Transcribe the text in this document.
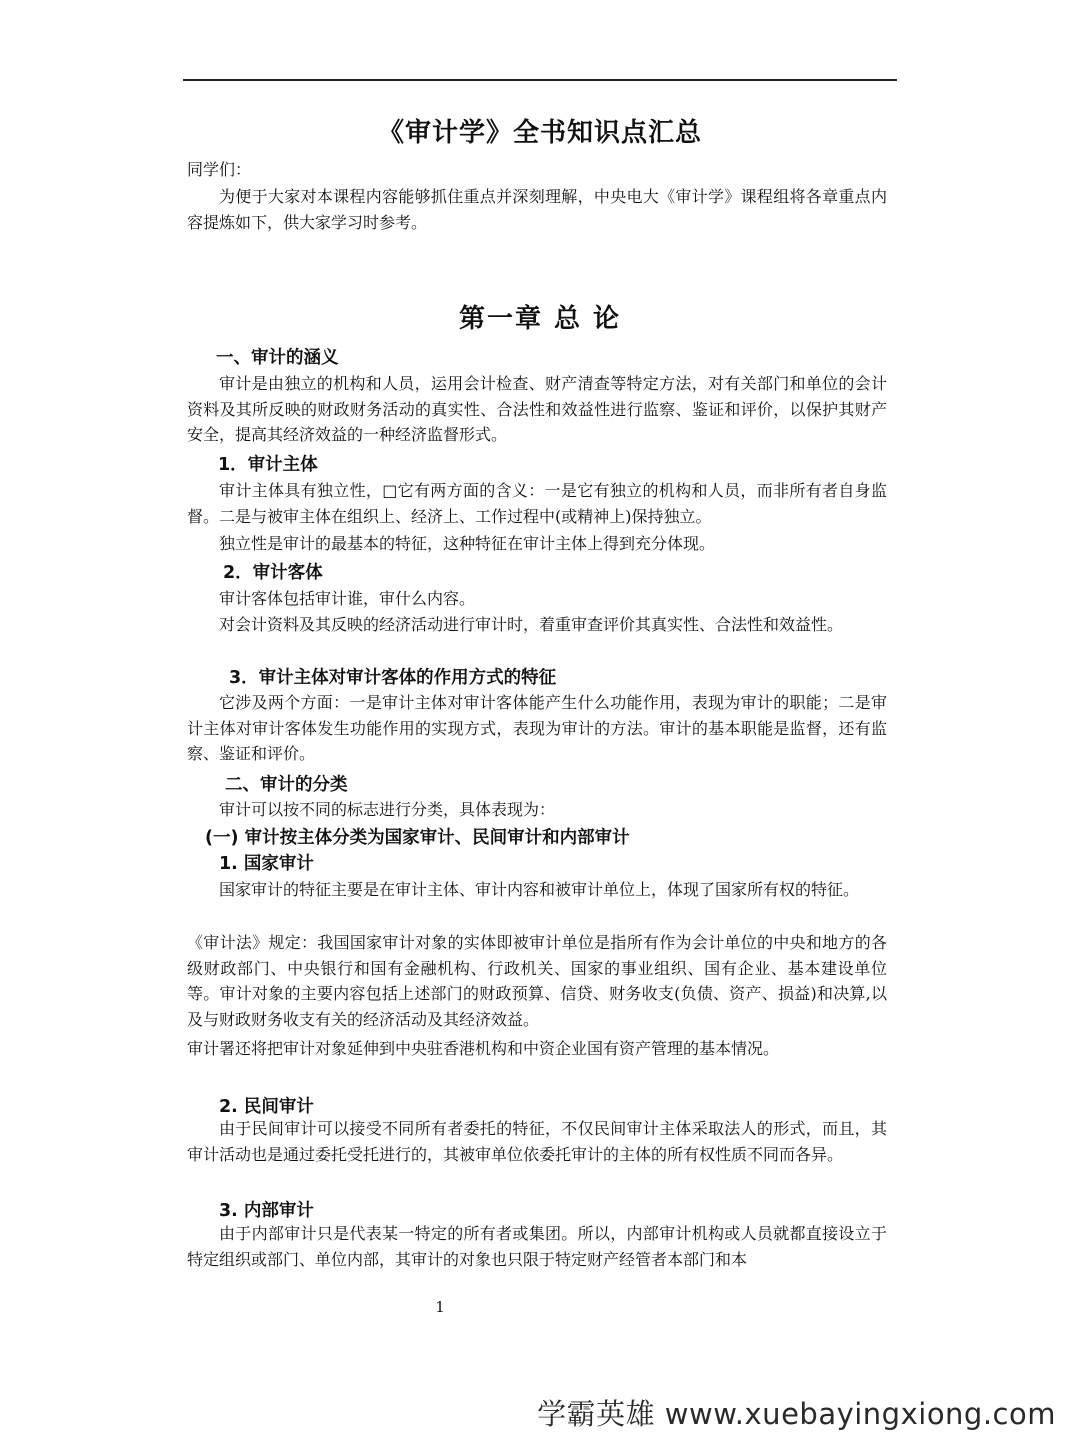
《审计学》全书知识点汇总
同学们：
为便于大家对本课程内容能够抓住重点并深刻理解，中央电大《审计学》课程组将各章重点内容提炼如下，供大家学习时参考。
第一章 总 论
一、审计的涵义
审计是由独立的机构和人员，运用会计检查、财产清查等特定方法，对有关部门和单位的会计资料及其所反映的财政财务活动的真实性、合法性和效益性进行监察、鉴证和评价，以保护其财产安全，提高其经济效益的一种经济监督形式。
1．审计主体
审计主体具有独立性，□它有两方面的含义：一是它有独立的机构和人员，而非所有者自身监督。二是与被审主体在组织上、经济上、工作过程中(或精神上)保持独立。
独立性是审计的最基本的特征，这种特征在审计主体上得到充分体现。
2．审计客体
审计客体包括审计谁，审什么内容。
对会计资料及其反映的经济活动进行审计时，着重审查评价其真实性、合法性和效益性。
3．审计主体对审计客体的作用方式的特征
它涉及两个方面：一是审计主体对审计客体能产生什么功能作用，表现为审计的职能；二是审计主体对审计客体发生功能作用的实现方式，表现为审计的方法。审计的基本职能是监督，还有监察、鉴证和评价。
二、审计的分类
审计可以按不同的标志进行分类，具体表现为：
(一) 审计按主体分类为国家审计、民间审计和内部审计
1. 国家审计
国家审计的特征主要是在审计主体、审计内容和被审计单位上，体现了国家所有权的特征。
《审计法》规定：我国国家审计对象的实体即被审计单位是指所有作为会计单位的中央和地方的各级财政部门、中央银行和国有金融机构、行政机关、国家的事业组织、国有企业、基本建设单位等。审计对象的主要内容包括上述部门的财政预算、信贷、财务收支(负债、资产、损益)和决算,以及与财政财务收支有关的经济活动及其经济效益。
审计署还将把审计对象延伸到中央驻香港机构和中资企业国有资产管理的基本情况。
2. 民间审计
由于民间审计可以接受不同所有者委托的特征，不仅民间审计主体采取法人的形式，而且，其审计活动也是通过委托受托进行的，其被审单位依委托审计的主体的所有权性质不同而各异。
3. 内部审计
由于内部审计只是代表某一特定的所有者或集团。所以，内部审计机构或人员就都直接设立于特定组织或部门、单位内部，其审计的对象也只限于特定财产经管者本部门和本
1
学霸英雄 www.xuebayingxiong.com
